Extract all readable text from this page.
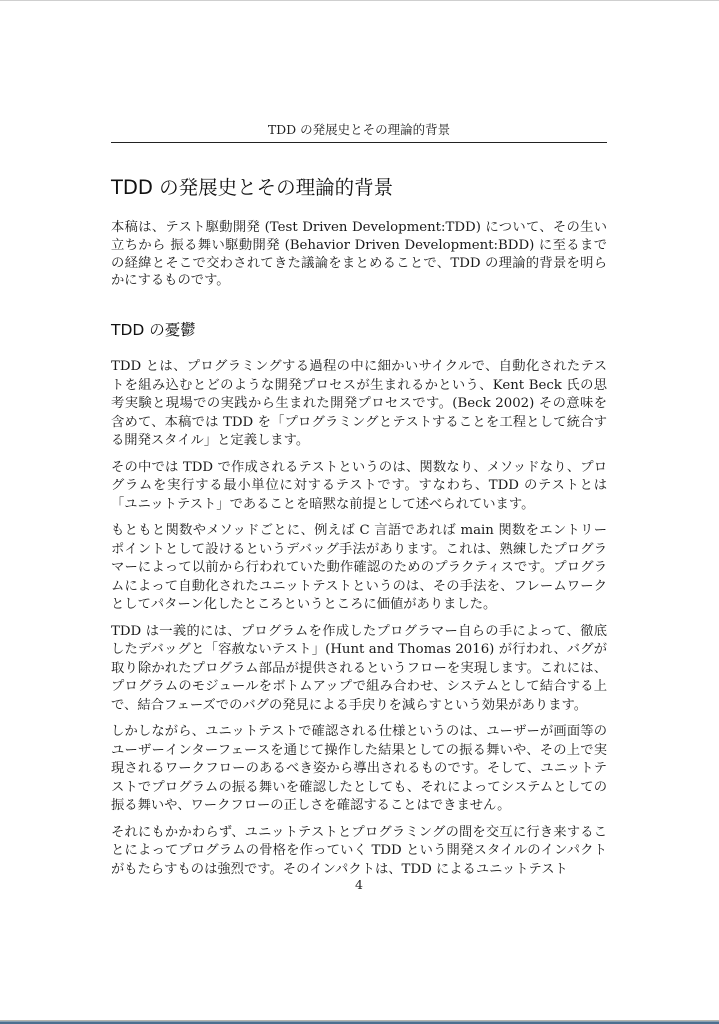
TDD の発展史とその理論的背景
TDD の発展史とその理論的背景

本稿は、テスト駆動開発 (Test Driven Development:TDD) について、その生い立ちから 振る舞い駆動開発 (Behavior Driven Development:BDD) に至るまでの経緯とそこで交わされてきた議論をまとめることで、TDD の理論的背景を明らかにするものです。

TDD の憂鬱

TDD とは、プログラミングする過程の中に細かいサイクルで、自動化されたテストを組み込むとどのような開発プロセスが生まれるかという、Kent Beck 氏の思考実験と現場での実践から生まれた開発プロセスです。(Beck 2002) その意味を含めて、本稿では TDD を「プログラミングとテストすることを工程として統合する開発スタイル」と定義します。

その中では TDD で作成されるテストというのは、関数なり、メソッドなり、プログラムを実行する最小単位に対するテストです。すなわち、TDD のテストとは「ユニットテスト」であることを暗黙な前提として述べられています。

もともと関数やメソッドごとに、例えば C 言語であれば main 関数をエントリーポイントとして設けるというデバッグ手法があります。これは、熟練したプログラマーによって以前から行われていた動作確認のためのプラクティスです。プログラムによって自動化されたユニットテストというのは、その手法を、フレームワークとしてパターン化したところというところに価値がありました。

TDD は一義的には、プログラムを作成したプログラマー自らの手によって、徹底したデバッグと「容赦ないテスト」(Hunt and Thomas 2016) が行われ、バグが取り除かれたプログラム部品が提供されるというフローを実現します。これには、プログラムのモジュールをボトムアップで組み合わせ、システムとして結合する上で、結合フェーズでのバグの発見による手戻りを減らすという効果があります。

しかしながら、ユニットテストで確認される仕様というのは、ユーザーが画面等のユーザーインターフェースを通じて操作した結果としての振る舞いや、その上で実現されるワークフローのあるべき姿から導出されるものです。そして、ユニットテストでプログラムの振る舞いを確認したとしても、それによってシステムとしての振る舞いや、ワークフローの正しさを確認することはできません。

それにもかかわらず、ユニットテストとプログラミングの間を交互に行き来することによってプログラムの骨格を作っていく TDD という開発スタイルのインパクトがもたらすものは強烈です。そのインパクトは、TDD によるユニットテスト

4
